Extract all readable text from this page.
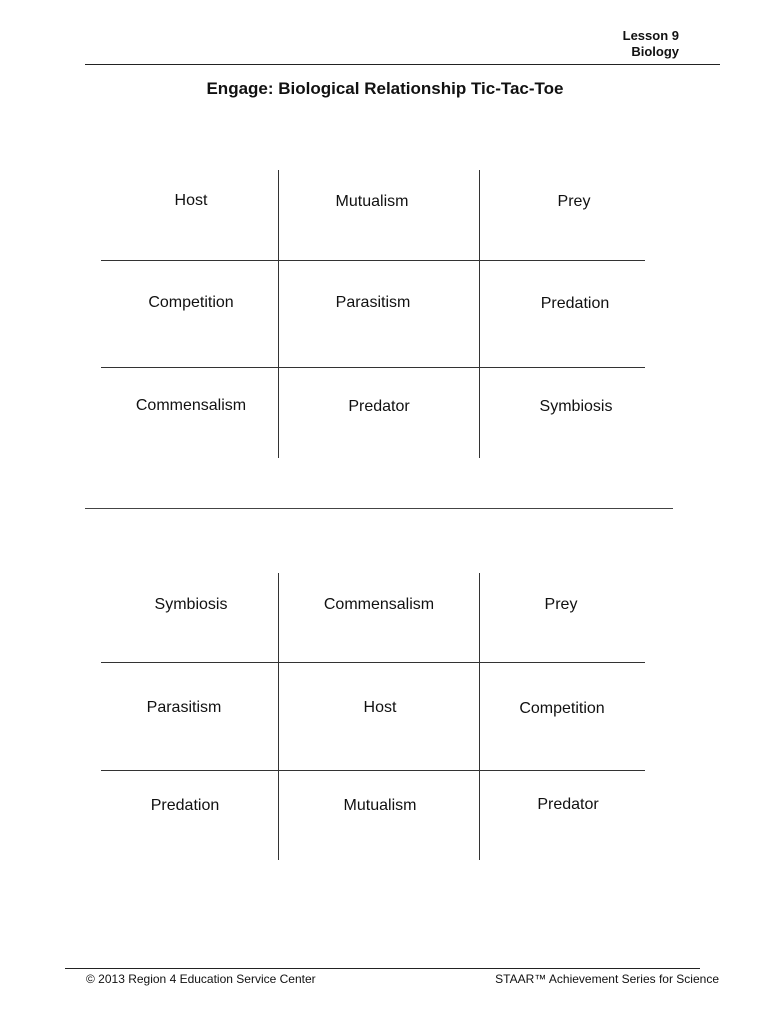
Lesson 9
Biology
Engage: Biological Relationship Tic-Tac-Toe
Host	Mutualism	Prey
Competition	Parasitism	Predation
Commensalism	Predator	Symbiosis
Symbiosis	Commensalism	Prey
Parasitism	Host	Competition
Predation	Mutualism	Predator
© 2013 Region 4 Education Service Center	STAAR™ Achievement Series for Science
